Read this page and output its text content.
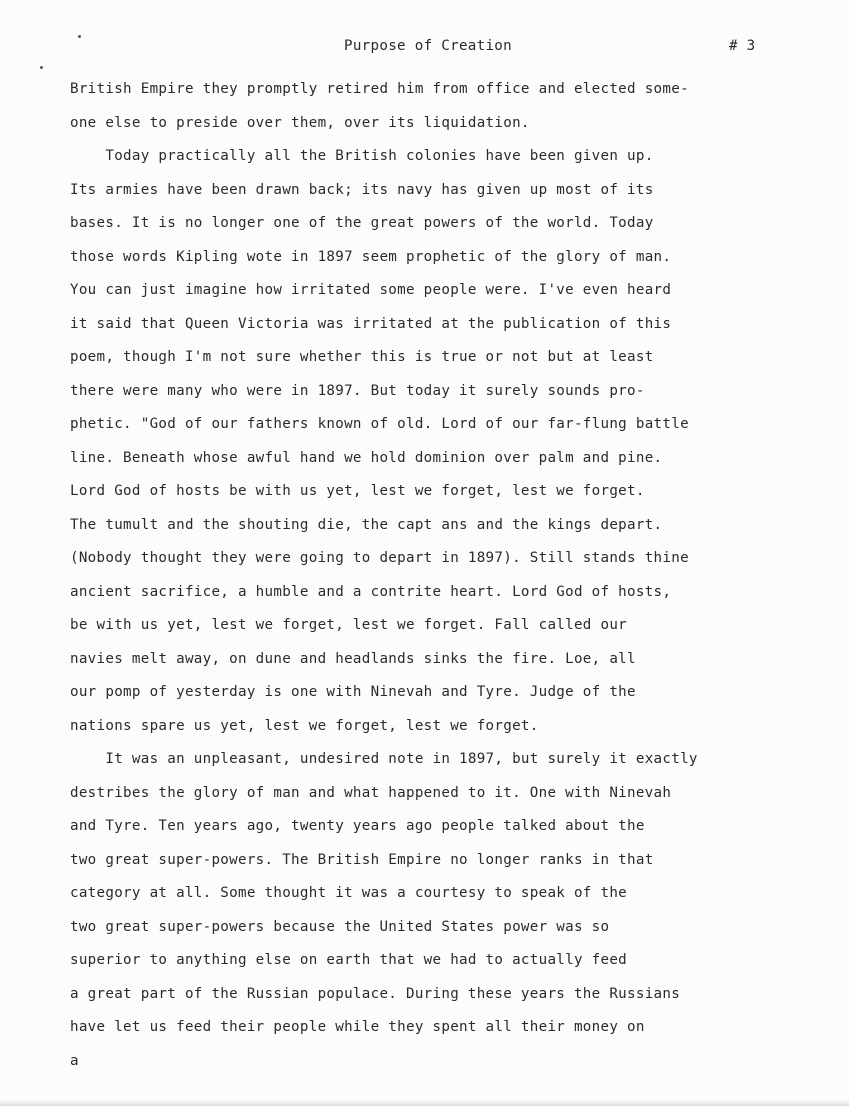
Purpose of Creation	# 3
British Empire they promptly retired him from office and elected some-
one else to preside over them, over its liquidation.
Today practically all the British colonies have been given up.
Its armies have been drawn back; its navy has given up most of its
bases. It is no longer one of the great powers of the world. Today
those words Kipling wote in 1897 seem prophetic of the glory of man.
You can just imagine how irritated some people were. I've even heard
it said that Queen Victoria was irritated at the publication of this
poem, though I'm not sure whether this is true or not but at least
there were many who were in 1897. But today it surely sounds pro-
phetic. "God of our fathers known of old. Lord of our far-flung battle
line. Beneath whose awful hand we hold dominion over palm and pine.
Lord God of hosts be with us yet, lest we forget, lest we forget.
The tumult and the shouting die, the capt ans and the kings depart.
(Nobody thought they were going to depart in 1897). Still stands thine
ancient sacrifice, a humble and a contrite heart. Lord God of hosts,
be with us yet, lest we forget, lest we forget. Fall called our
navies melt away, on dune and headlands sinks the fire. Loe, all
our pomp of yesterday is one with Ninevah and Tyre. Judge of the
nations spare us yet, lest we forget, lest we forget.
It was an unpleasant, undesired note in 1897, but surely it exactly
destribes the glory of man and what happened to it. One with Ninevah
and Tyre. Ten years ago, twenty years ago people talked about the
two great super-powers. The British Empire no longer ranks in that
category at all. Some thought it was a courtesy to speak of the
two great super-powers because the United States power was so
superior to anything else on earth that we had to actually feed
a great part of the Russian populace. During these years the Russians
have let us feed their people while they spent all their money on
a
